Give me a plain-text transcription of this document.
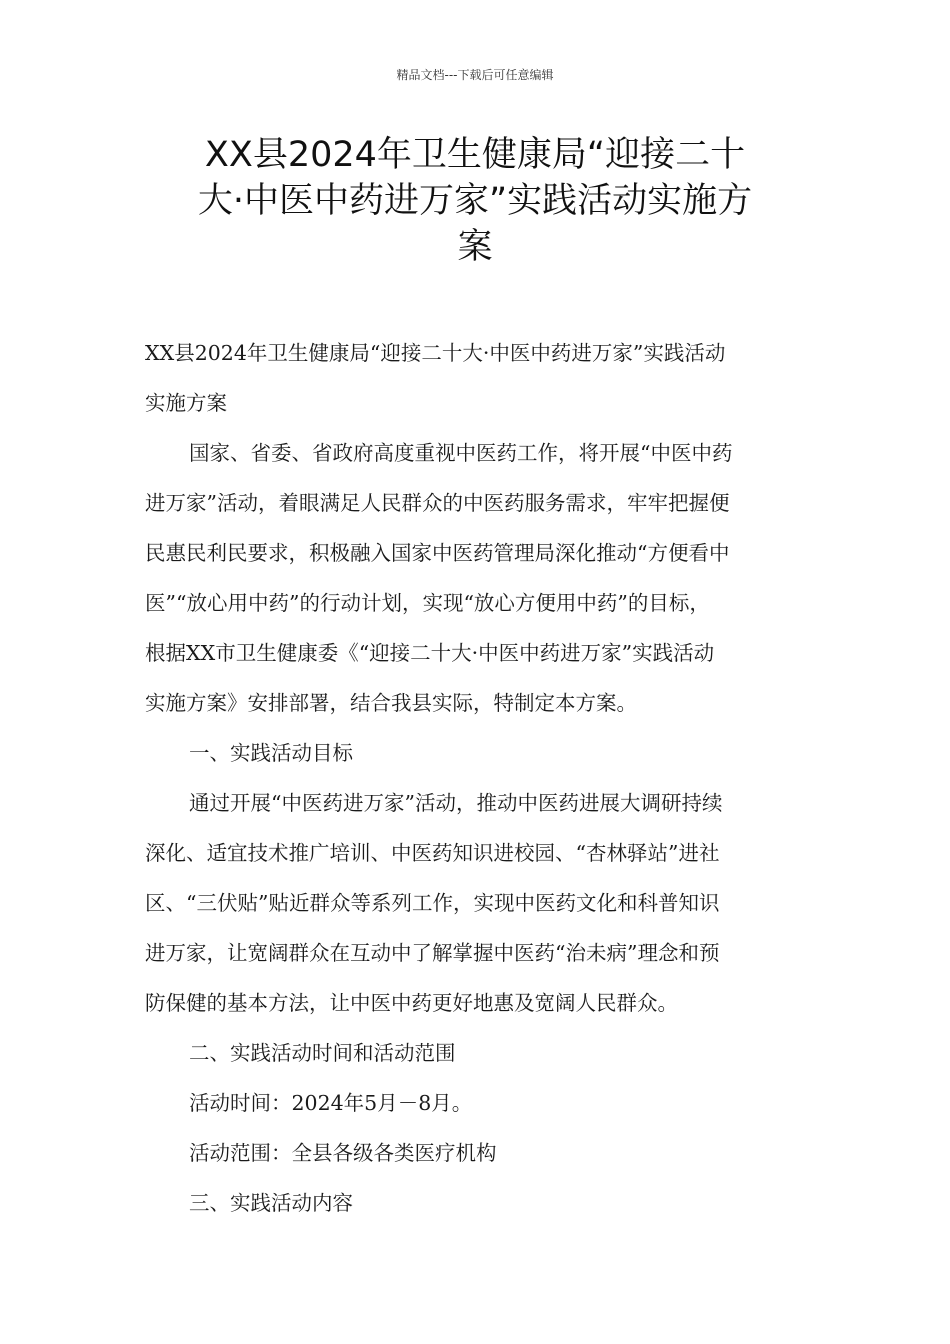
精品文档---下载后可任意编辑
XX县2024年卫生健康局“迎接二十
大·中医中药进万家”实践活动实施方
案
XX县2024年卫生健康局“迎接二十大·中医中药进万家”实践活动
实施方案
国家、省委、省政府高度重视中医药工作，将开展“中医中药
进万家”活动，着眼满足人民群众的中医药服务需求，牢牢把握便
民惠民利民要求，积极融入国家中医药管理局深化推动“方便看中
医”“放心用中药”的行动计划，实现“放心方便用中药”的目标，
根据XX市卫生健康委《“迎接二十大·中医中药进万家”实践活动
实施方案》安排部署，结合我县实际，特制定本方案。
一、实践活动目标
通过开展“中医药进万家”活动，推动中医药进展大调研持续
深化、适宜技术推广培训、中医药知识进校园、“杏林驿站”进社
区、“三伏贴”贴近群众等系列工作，实现中医药文化和科普知识
进万家，让宽阔群众在互动中了解掌握中医药“治未病”理念和预
防保健的基本方法，让中医中药更好地惠及宽阔人民群众。
二、实践活动时间和活动范围
活动时间：2024年5月－8月。
活动范围：全县各级各类医疗机构
三、实践活动内容
